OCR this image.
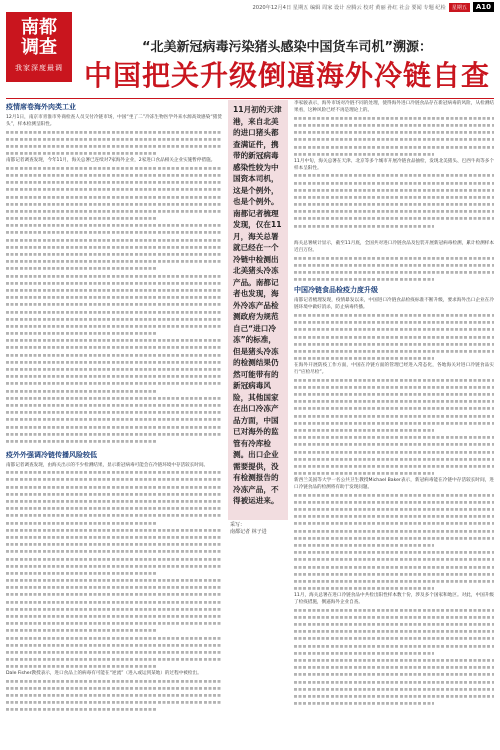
2020年12月4日 星期五 编辑 周家 设计 应腾云 校对 黄丽 孙红 社会 要闻 专题 纪检	星期五	A10
南都
调查
我家深度最调
“北美新冠病毒污染猪头感染中国货车司机”溯源：
中国把关升级倒逼海外冷链自查
疫情席卷海外肉类工业

12月1日，南京市青淮市外商检查人员交付冷链市场，中国“坐了二”冷冻生物医学外来水源高效感染“猪货头”，样本检测呈阳性。

南都记者调查发现，今年11月，海关总署已连续对7家海外企业，2家进口食品相关企业实施暂停措施。

疫外外强调冷链传播风险较低

南都记者调查发现，由海关出示的不少检测结果，显示新冠病毒可能会在冷链环境中存活较长时间。

Dale Fisher教授表示，进口食品上的病毒有可能在“逆流”（进入或运到某地）的过程中被检出。

11月初的天津港，来自北美的进口猪头都查满证件，携带的新冠病毒感染性较为中国资本司机，这是个例外，也是个例外。南都记者梳理发现，仅在11月，海关总署就已经在一个冷链中检测出北美猪头冷冻产品。南都记者也发现，海外冷冻产品检测政府为规范自己“进口冷冻”的标准，但是猪头冷冻的检测结果仍然可能带有的新冠病毒风险，其他国家在出口冷冻产品方面，中国已对海外的监管有冷库检测。出口企业需要提供，没有检测报告的冷冻产品，不得被运进来。
采写：
南都记者 林子进

李家骏表示，海外市场对冷链不同的处理，使得海外进口冷链食品存在新冠病毒的风险，从检测结果看，这种风险已经不再是理论上的。

11月中旬，海关总署在天津、北京等多个城市开展冷链食品抽检，发现北美猪头、巴西牛肉等多个样本呈阳性。

海关总署统计显示，截至11月底，全国共对进口冷链食品及包装开展新冠病毒检测，累计检测样本近百万份。

中国冷链食品检疫力度升级

南都记者梳理发现，疫情暴发以来，中国进口冷链食品检疫标准不断升级，要求海外出口企业在冷链环境中做好消杀，防止病毒传播。

在海外开展防疫工作方面，中国在冷链方面的管理已经进入常态化，各地海关对进口冷链食品实行“应检尽检”。

新西兰美国等大学一名公共卫生教授Michael Baker表示，新冠病毒能在冷链中存活较长时间，进口冷链食品的检测将有助于发现问题。

11月，海关总署在进口冷链食品中共检出阳性样本数十份，涉及多个国家和地区。对此，中国升级了检疫措施，倒逼海外企业自查。
